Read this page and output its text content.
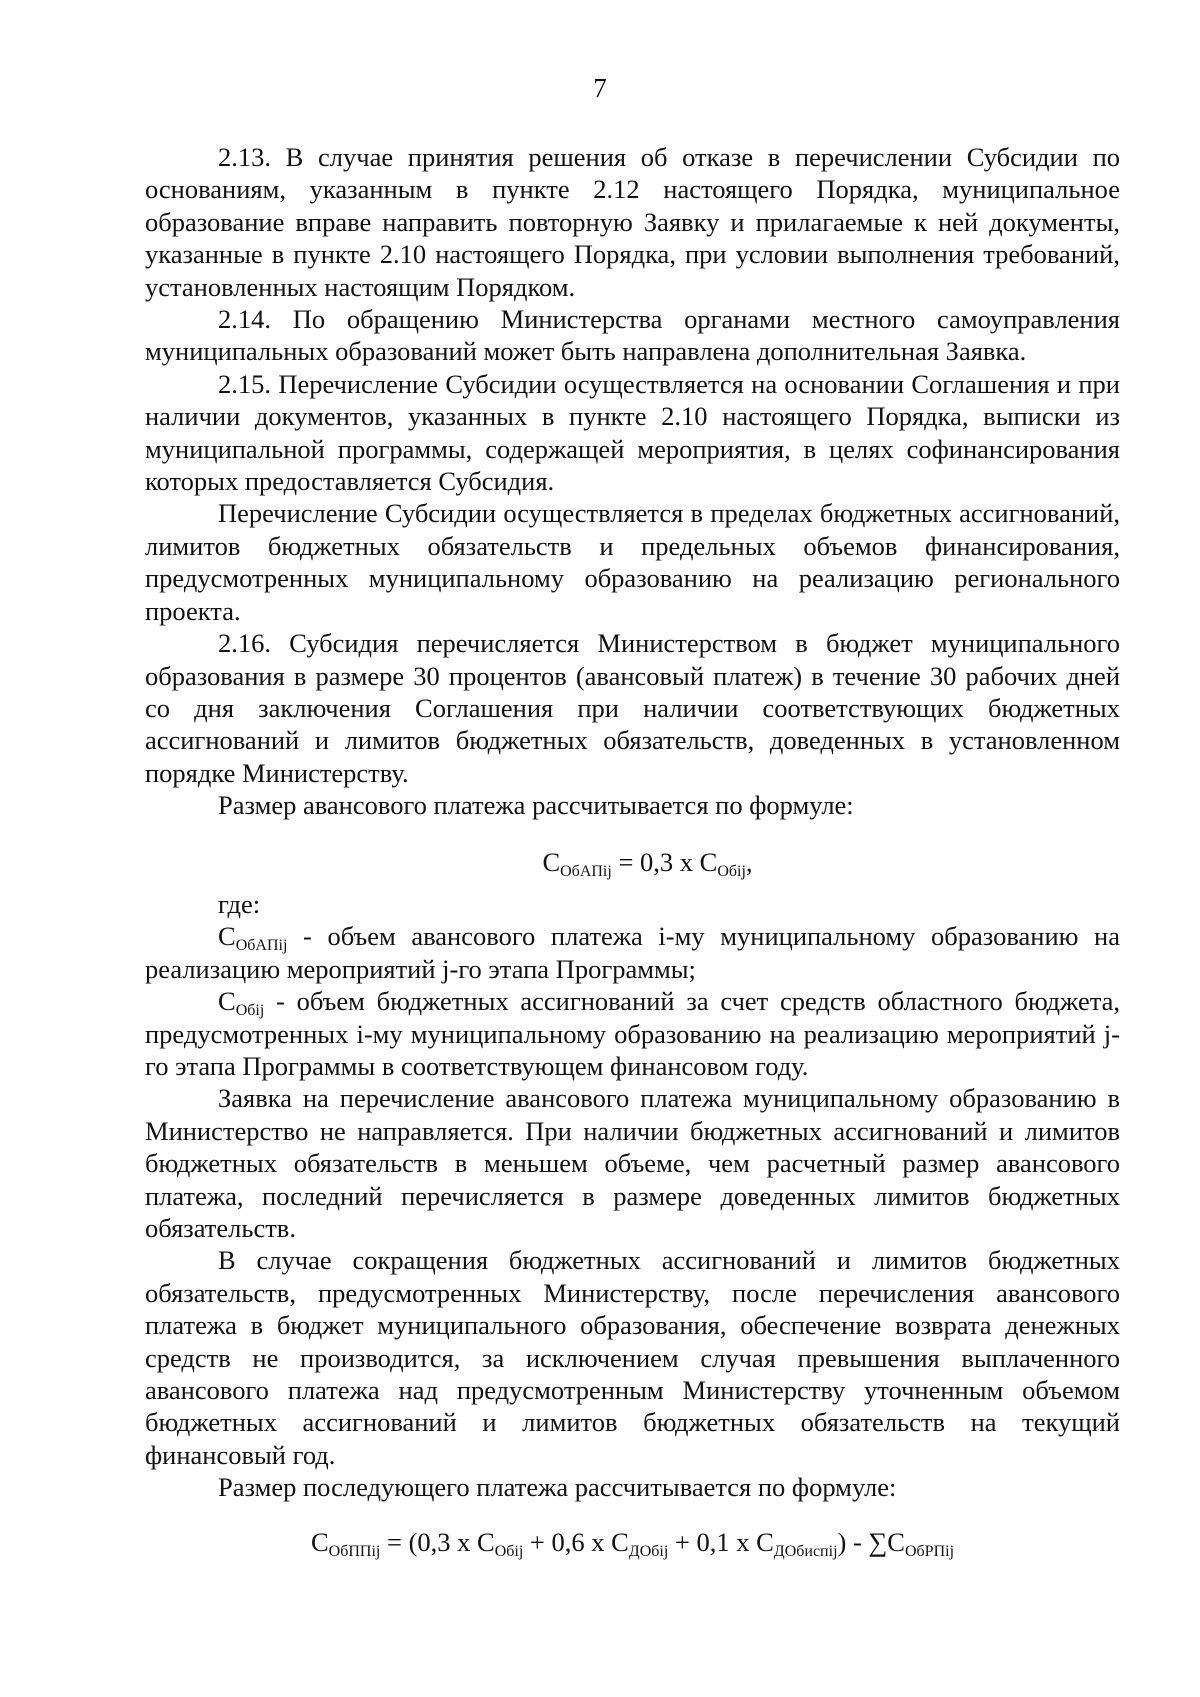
7

2.13. В случае принятия решения об отказе в перечислении Субсидии по основаниям, указанным в пункте 2.12 настоящего Порядка, муниципальное образование вправе направить повторную Заявку и прилагаемые к ней документы, указанные в пункте 2.10 настоящего Порядка, при условии выполнения требований, установленных настоящим Порядком.

2.14. По обращению Министерства органами местного самоуправления муниципальных образований может быть направлена дополнительная Заявка.

2.15. Перечисление Субсидии осуществляется на основании Соглашения и при наличии документов, указанных в пункте 2.10 настоящего Порядка, выписки из муниципальной программы, содержащей мероприятия, в целях софинансирования которых предоставляется Субсидия.

Перечисление Субсидии осуществляется в пределах бюджетных ассигнований, лимитов бюджетных обязательств и предельных объемов финансирования, предусмотренных муниципальному образованию на реализацию регионального проекта.

2.16. Субсидия перечисляется Министерством в бюджет муниципального образования в размере 30 процентов (авансовый платеж) в течение 30 рабочих дней со дня заключения Соглашения при наличии соответствующих бюджетных ассигнований и лимитов бюджетных обязательств, доведенных в установленном порядке Министерству.

Размер авансового платежа рассчитывается по формуле:

$С_{ОбАПij} = 0,3$ x $С_{Обij}$,

где:

$С_{ОбАПij}$ - объем авансового платежа i-му муниципальному образованию на реализацию мероприятий j-го этапа Программы;

$С_{Обij}$ - объем бюджетных ассигнований за счет средств областного бюджета, предусмотренных i-му муниципальному образованию на реализацию мероприятий j-го этапа Программы в соответствующем финансовом году.

Заявка на перечисление авансового платежа муниципальному образованию в Министерство не направляется. При наличии бюджетных ассигнований и лимитов бюджетных обязательств в меньшем объеме, чем расчетный размер авансового платежа, последний перечисляется в размере доведенных лимитов бюджетных обязательств.

В случае сокращения бюджетных ассигнований и лимитов бюджетных обязательств, предусмотренных Министерству, после перечисления авансового платежа в бюджет муниципального образования, обеспечение возврата денежных средств не производится, за исключением случая превышения выплаченного авансового платежа над предусмотренным Министерству уточненным объемом бюджетных ассигнований и лимитов бюджетных обязательств на текущий финансовый год.

Размер последующего платежа рассчитывается по формуле:

$С_{ОбППij} = (0,3$ x $С_{Обij} + 0,6$ x $С_{ДОбij} + 0,1$ x $С_{ДОбиспij}) - \sum С_{ОбРПij}$
